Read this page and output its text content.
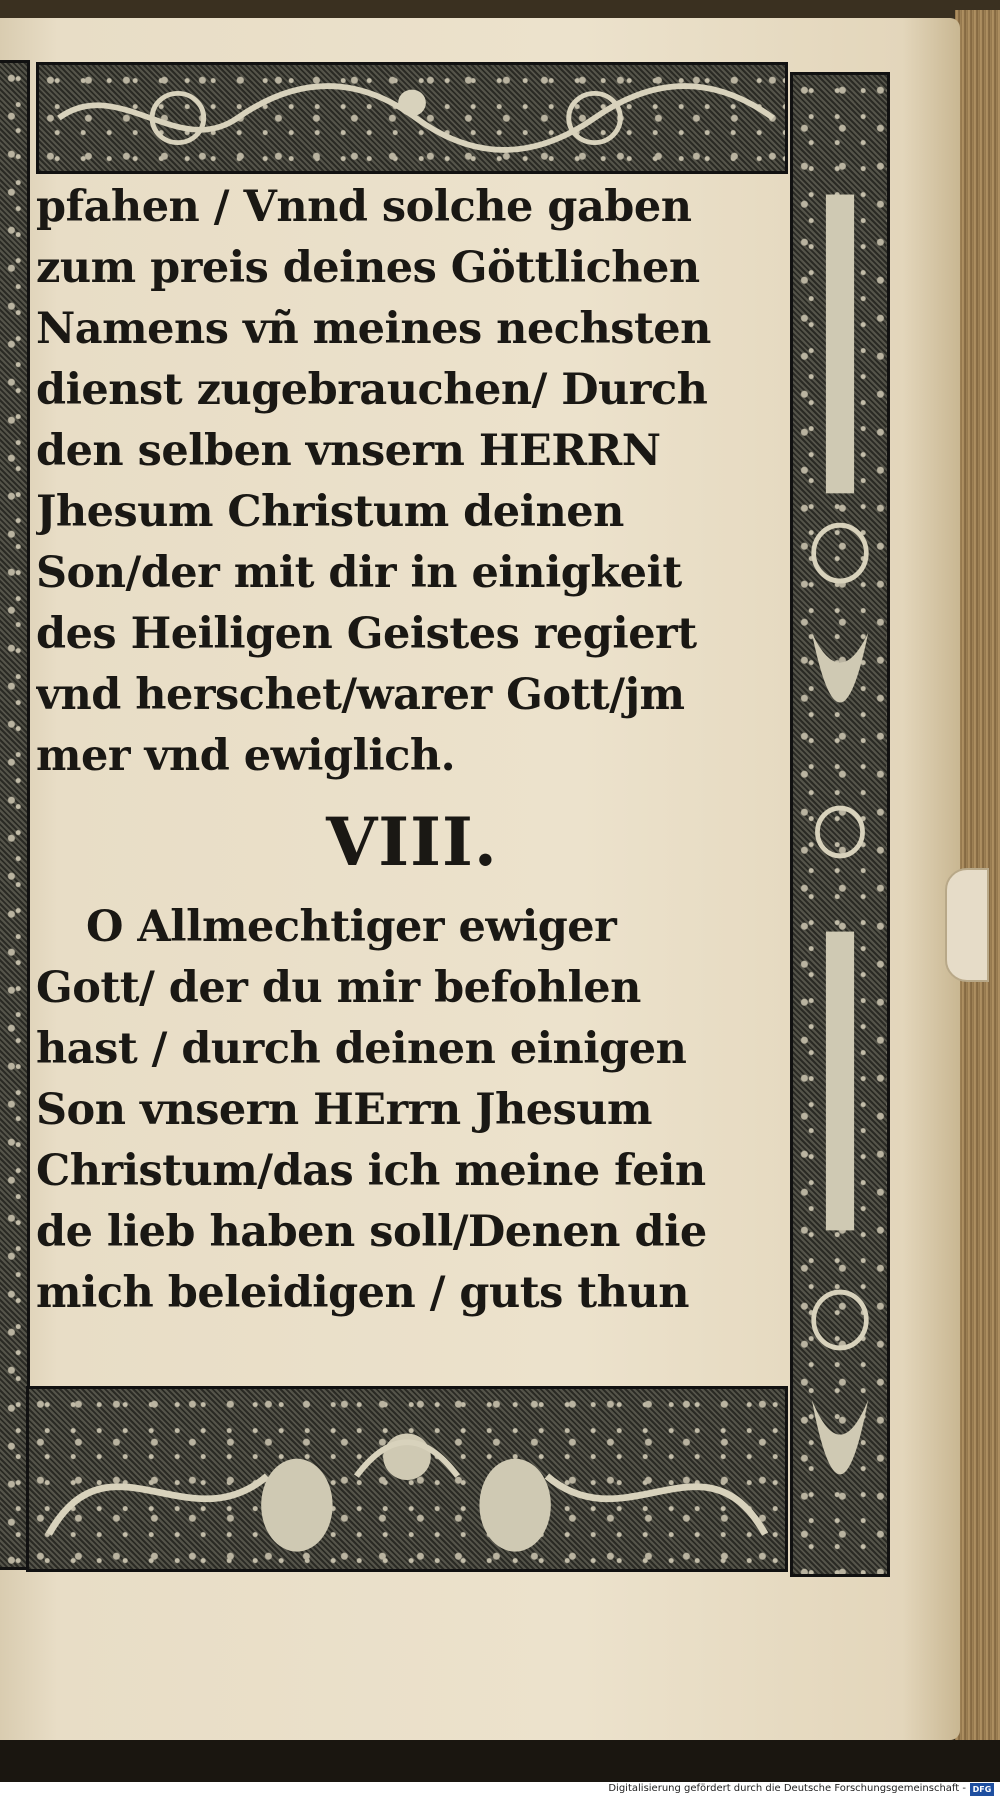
pfahen / Vnnd solche gaben
zum preis deines Göttlichen
Namens vñ meines nechsten
dienst zugebrauchen/ Durch
den selben vnsern HERRN
Jhesum Christum deinen
Son/der mit dir in einigkeit
des Heiligen Geistes regiert
vnd herschet/warer Gott/jm
mer vnd ewiglich.
VIII.
O Allmechtiger ewiger
Gott/ der du mir befohlen
hast / durch deinen einigen
Son vnsern HErrn Jhesum
Christum/das ich meine fein
de lieb haben soll/Denen die
mich beleidigen / guts thun
Digitalisierung gefördert durch die Deutsche Forschungsgemeinschaft - DFG
